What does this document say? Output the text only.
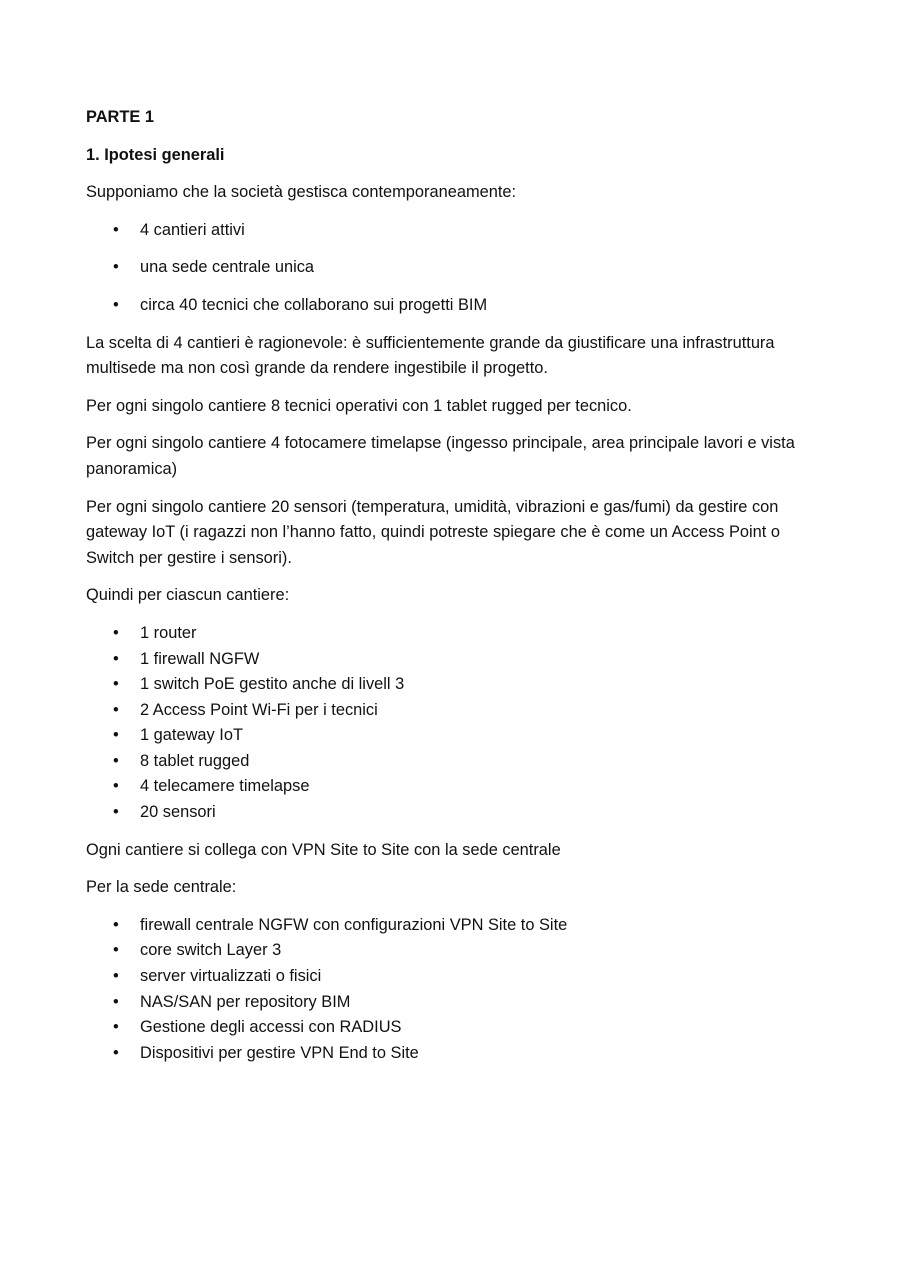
PARTE 1
1. Ipotesi generali

Supponiamo che la società gestisca contemporaneamente:

• 4 cantieri attivi
• una sede centrale unica
• circa 40 tecnici che collaborano sui progetti BIM

La scelta di 4 cantieri è ragionevole: è sufficientemente grande da giustificare una infrastruttura multisede ma non così grande da rendere ingestibile il progetto.

Per ogni singolo cantiere 8 tecnici operativi con 1 tablet rugged per tecnico.

Per ogni singolo cantiere 4 fotocamere timelapse (ingesso principale, area principale lavori e vista panoramica)

Per ogni singolo cantiere 20 sensori (temperatura, umidità, vibrazioni e gas/fumi) da gestire con gateway IoT (i ragazzi non l’hanno fatto, quindi potreste spiegare che è come un Access Point o Switch per gestire i sensori).

Quindi per ciascun cantiere:

• 1 router
• 1 firewall NGFW
• 1 switch PoE gestito anche di livell 3
• 2 Access Point Wi-Fi per i tecnici
• 1 gateway IoT
• 8 tablet rugged
• 4 telecamere timelapse
• 20 sensori

Ogni cantiere si collega con VPN Site to Site con la sede centrale

Per la sede centrale:

• firewall centrale NGFW con configurazioni VPN Site to Site
• core switch Layer 3
• server virtualizzati o fisici
• NAS/SAN per repository BIM
• Gestione degli accessi con RADIUS
• Dispositivi per gestire VPN End to Site
